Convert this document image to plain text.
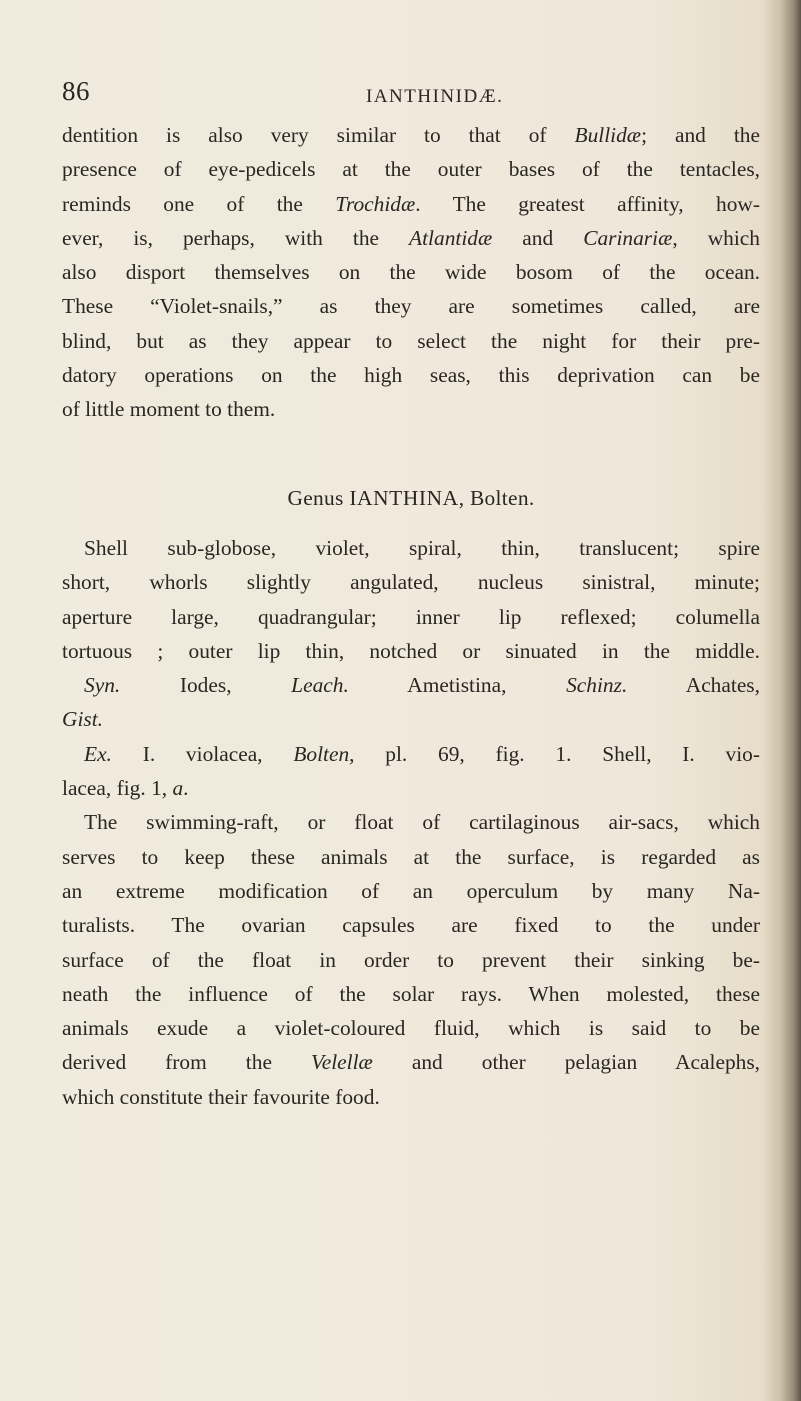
86	IANTHINIDÆ.

dentition is also very similar to that of Bullidæ; and the

presence of eye-pedicels at the outer bases of the tentacles,

reminds one of the Trochidæ. The greatest affinity, how-

ever, is, perhaps, with the Atlantidæ and Carinariæ, which

also disport themselves on the wide bosom of the ocean.

These “Violet-snails,” as they are sometimes called, are

blind, but as they appear to select the night for their pre-

datory operations on the high seas, this deprivation can be

of little moment to them.

Genus IANTHINA, Bolten.

Shell sub-globose, violet, spiral, thin, translucent; spire

short, whorls slightly angulated, nucleus sinistral, minute;

aperture large, quadrangular; inner lip reflexed; columella

tortuous ; outer lip thin, notched or sinuated in the middle.

Syn. Iodes, Leach. Ametistina, Schinz. Achates,

Gist.

Ex. I. violacea, Bolten, pl. 69, fig. 1. Shell, I. vio-

lacea, fig. 1, a.

The swimming-raft, or float of cartilaginous air-sacs, which

serves to keep these animals at the surface, is regarded as

an extreme modification of an operculum by many Na-

turalists. The ovarian capsules are fixed to the under

surface of the float in order to prevent their sinking be-

neath the influence of the solar rays. When molested, these

animals exude a violet-coloured fluid, which is said to be

derived from the Velellæ and other pelagian Acalephs,

which constitute their favourite food.
